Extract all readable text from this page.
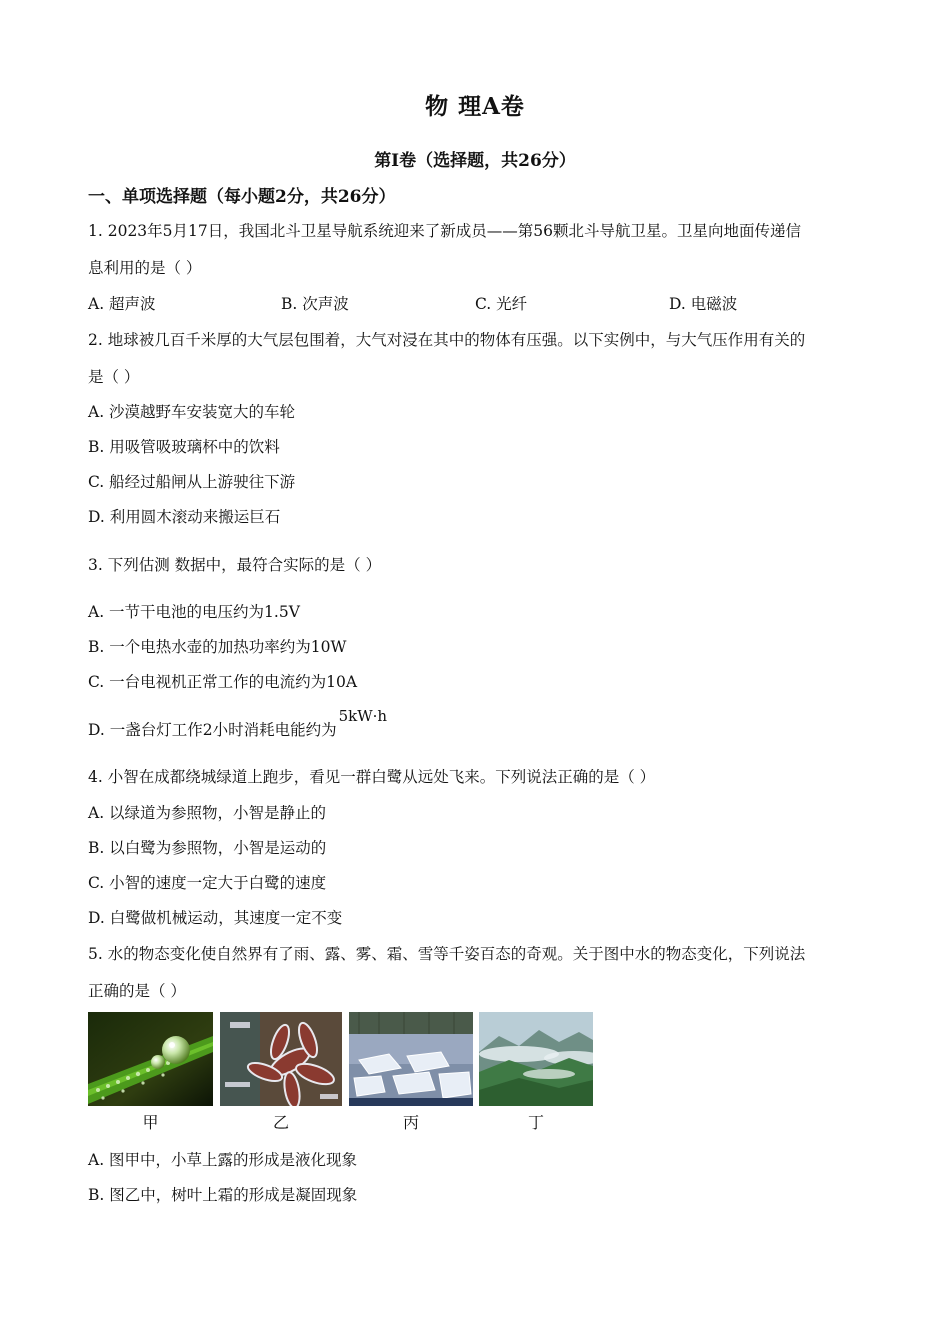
物 理A卷
第Ⅰ卷（选择题，共26分）
一、单项选择题（每小题2分，共26分）
1. 2023年5月17日，我国北斗卫星导航系统迎来了新成员——第56颗北斗导航卫星。卫星向地面传递信
息利用的是（ ）
A. 超声波	B. 次声波	C. 光纤	D. 电磁波
2. 地球被几百千米厚的大气层包围着，大气对浸在其中的物体有压强。以下实例中，与大气压作用有关的
是（ ）
A. 沙漠越野车安装宽大的车轮
B. 用吸管吸玻璃杯中的饮料
C. 船经过船闸从上游驶往下游
D. 利用圆木滚动来搬运巨石
3. 下列估测 数据中，最符合实际的是（ ）
A. 一节干电池的电压约为1.5V
B. 一个电热水壶的加热功率约为10W
C. 一台电视机正常工作的电流约为10A
D. 一盏台灯工作2小时消耗电能约为5kW·h
4. 小智在成都绕城绿道上跑步，看见一群白鹭从远处飞来。下列说法正确的是（ ）
A. 以绿道为参照物，小智是静止的
B. 以白鹭为参照物，小智是运动的
C. 小智的速度一定大于白鹭的速度
D. 白鹭做机械运动，其速度一定不变
5. 水的物态变化使自然界有了雨、露、雾、霜、雪等千姿百态的奇观。关于图中水的物态变化，下列说法
正确的是（ ）
甲	乙	丙	丁
A. 图甲中，小草上露的形成是液化现象
B. 图乙中，树叶上霜的形成是凝固现象
